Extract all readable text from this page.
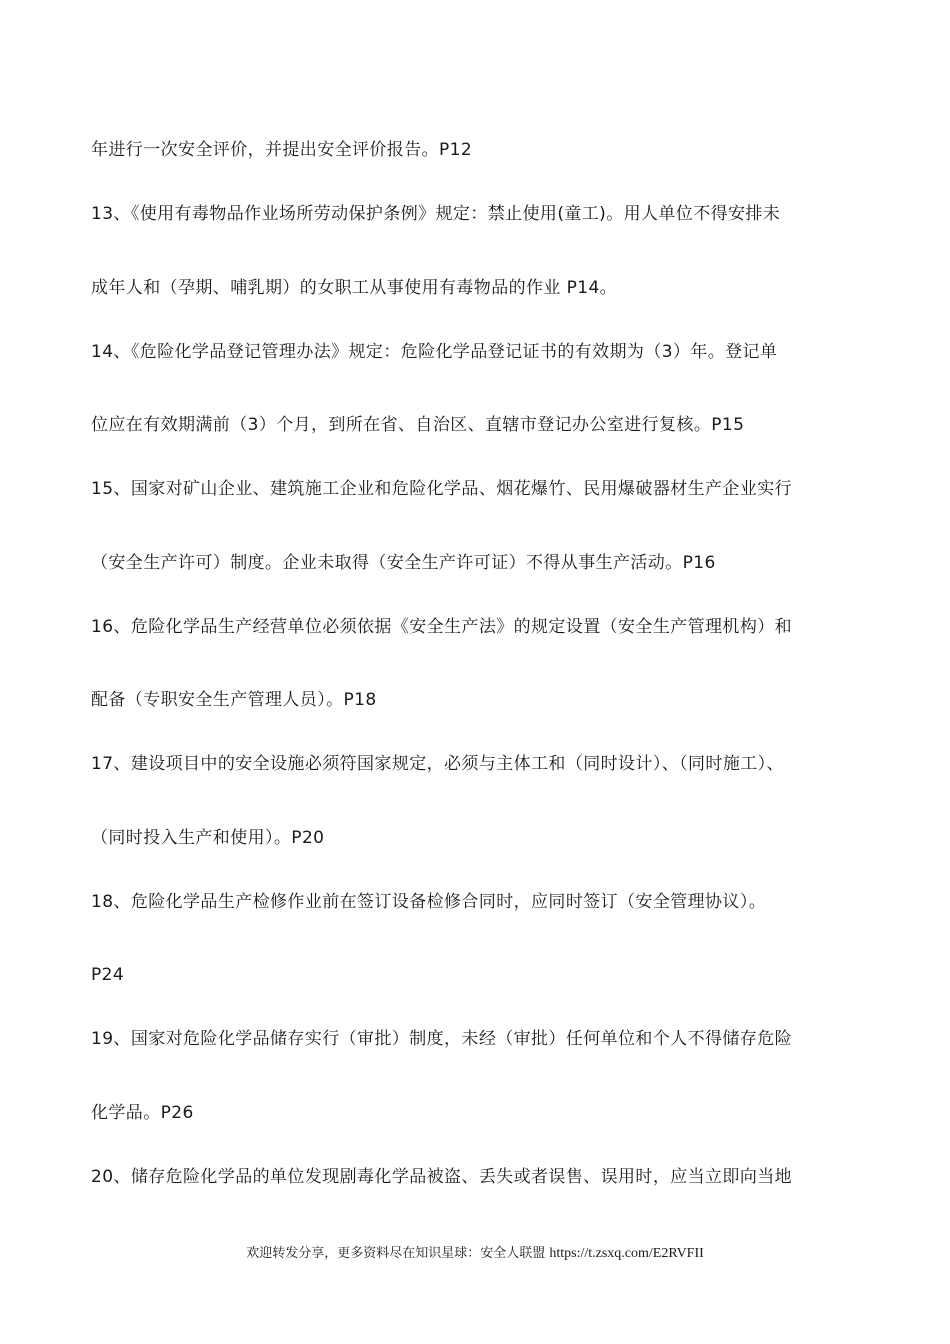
年进行一次安全评价，并提出安全评价报告。P12
13、《使用有毒物品作业场所劳动保护条例》规定：禁止使用(童工)。用人单位不得安排未
成年人和（孕期、哺乳期）的女职工从事使用有毒物品的作业 P14。
14、《危险化学品登记管理办法》规定：危险化学品登记证书的有效期为（3）年。登记单
位应在有效期满前（3）个月，到所在省、自治区、直辖市登记办公室进行复核。P15
15、国家对矿山企业、建筑施工企业和危险化学品、烟花爆竹、民用爆破器材生产企业实行
（安全生产许可）制度。企业未取得（安全生产许可证）不得从事生产活动。P16
16、危险化学品生产经营单位必须依据《安全生产法》的规定设置（安全生产管理机构）和
配备（专职安全生产管理人员）。P18
17、建设项目中的安全设施必须符国家规定，必须与主体工和（同时设计）、（同时施工）、
（同时投入生产和使用）。P20
18、危险化学品生产检修作业前在签订设备检修合同时，应同时签订（安全管理协议）。
P24
19、国家对危险化学品储存实行（审批）制度，未经（审批）任何单位和个人不得储存危险
化学品。P26
20、储存危险化学品的单位发现剧毒化学品被盗、丢失或者误售、误用时，应当立即向当地
欢迎转发分享，更多资料尽在知识星球：安全人联盟 https://t.zsxq.com/E2RVFII
